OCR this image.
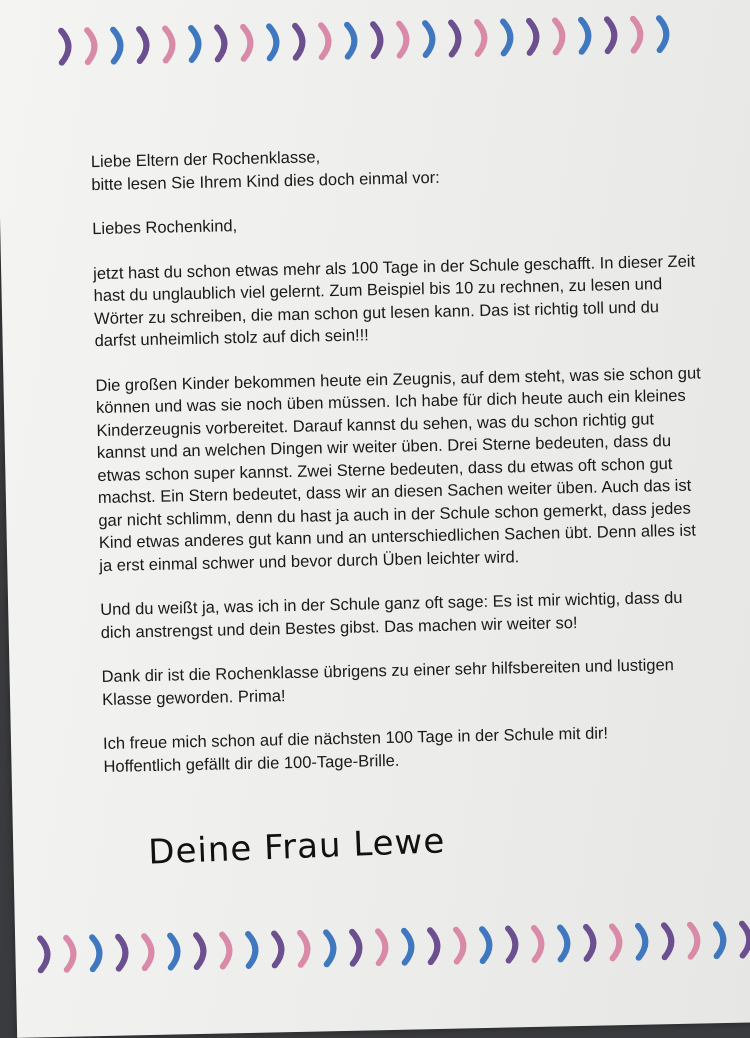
Liebe Eltern der Rochenklasse,
bitte lesen Sie Ihrem Kind dies doch einmal vor:

Liebes Rochenkind,

jetzt hast du schon etwas mehr als 100 Tage in der Schule geschafft. In dieser Zeit hast du unglaublich viel gelernt. Zum Beispiel bis 10 zu rechnen, zu lesen und Wörter zu schreiben, die man schon gut lesen kann. Das ist richtig toll und du darfst unheimlich stolz auf dich sein!!!

Die großen Kinder bekommen heute ein Zeugnis, auf dem steht, was sie schon gut können und was sie noch üben müssen. Ich habe für dich heute auch ein kleines Kinderzeugnis vorbereitet. Darauf kannst du sehen, was du schon richtig gut kannst und an welchen Dingen wir weiter üben. Drei Sterne bedeuten, dass du etwas schon super kannst. Zwei Sterne bedeuten, dass du etwas oft schon gut machst. Ein Stern bedeutet, dass wir an diesen Sachen weiter üben. Auch das ist gar nicht schlimm, denn du hast ja auch in der Schule schon gemerkt, dass jedes Kind etwas anderes gut kann und an unterschiedlichen Sachen übt. Denn alles ist ja erst einmal schwer und bevor durch Üben leichter wird.

Und du weißt ja, was ich in der Schule ganz oft sage: Es ist mir wichtig, dass du dich anstrengst und dein Bestes gibst. Das machen wir weiter so!

Dank dir ist die Rochenklasse übrigens zu einer sehr hilfsbereiten und lustigen Klasse geworden. Prima!

Ich freue mich schon auf die nächsten 100 Tage in der Schule mit dir!
Hoffentlich gefällt dir die 100-Tage-Brille.

Deine Frau Lewe
